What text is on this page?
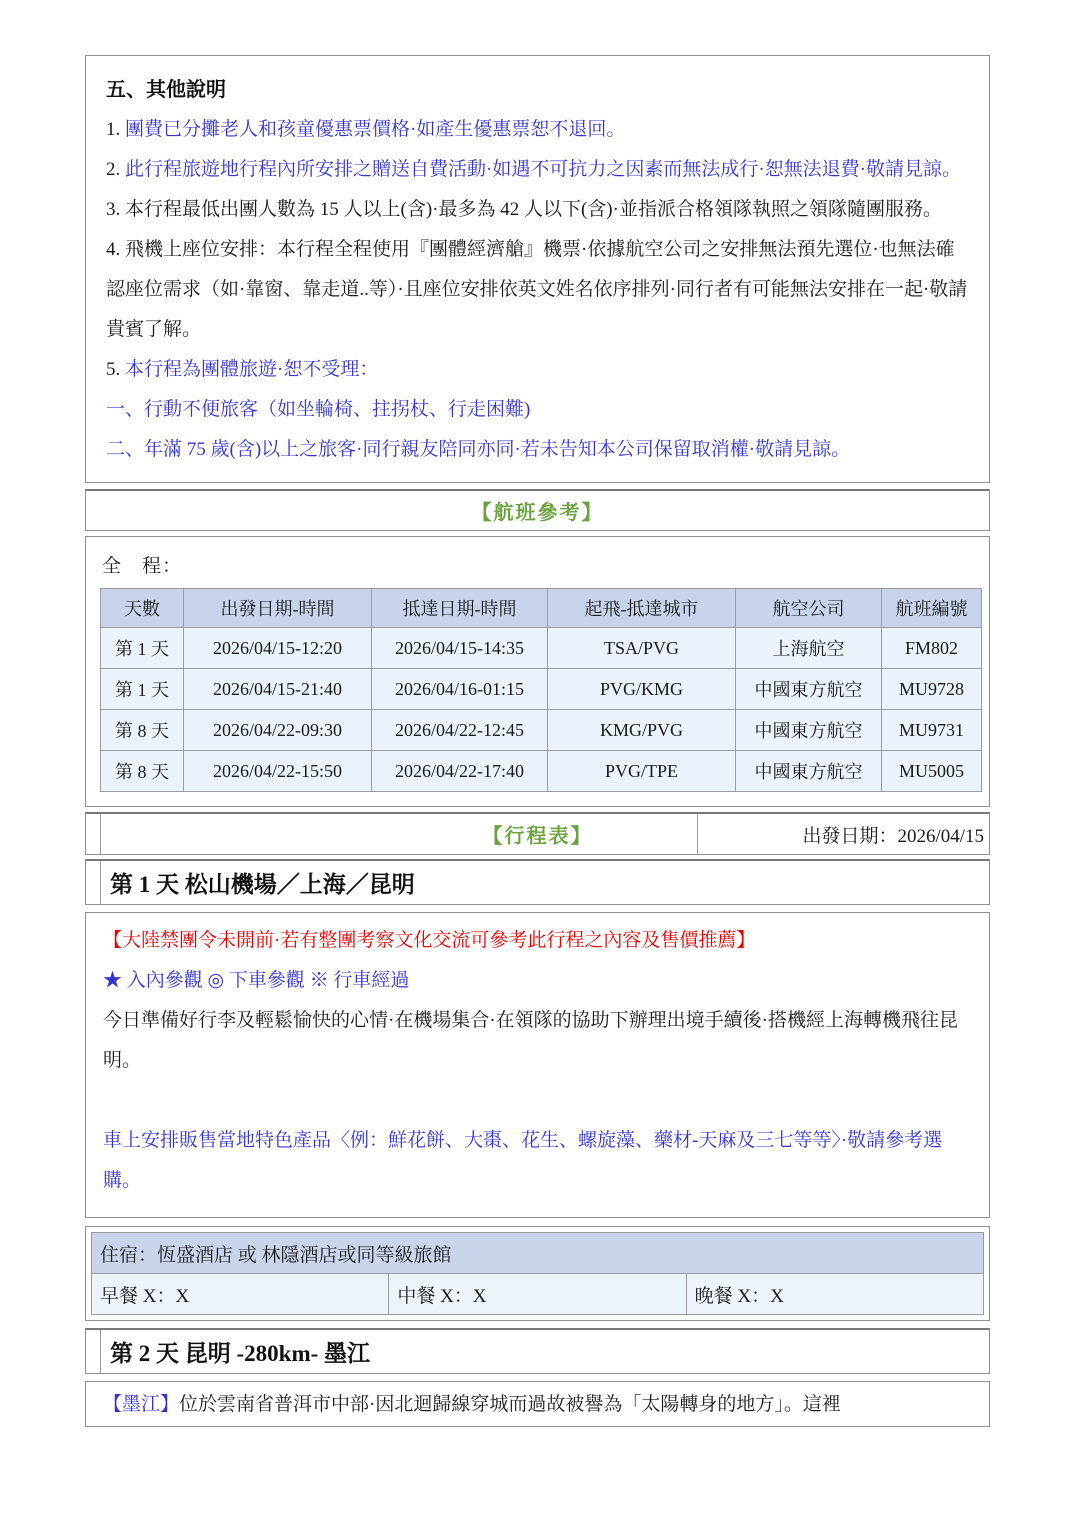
五、其他說明

1. 團費已分攤老人和孩童優惠票價格·如產生優惠票恕不退回。

2. 此行程旅遊地行程內所安排之贈送自費活動·如遇不可抗力之因素而無法成行·恕無法退費·敬請見諒。

3. 本行程最低出團人數為 15 人以上(含)·最多為 42 人以下(含)·並指派合格領隊執照之領隊隨團服務。

4. 飛機上座位安排：本行程全程使用『團體經濟艙』機票·依據航空公司之安排無法預先選位·也無法確認座位需求（如·靠窗、靠走道..等）·且座位安排依英文姓名依序排列·同行者有可能無法安排在一起·敬請貴賓了解。

5. 本行程為團體旅遊·恕不受理：

一、行動不便旅客（如坐輪椅、拄拐杖、行走困難)

二、年滿 75 歲(含)以上之旅客·同行親友陪同亦同·若未告知本公司保留取消權·敬請見諒。

【航班參考】
全　程：
天數	出發日期-時間	抵達日期-時間	起飛-抵達城市	航空公司	航班編號
第 1 天	2026/04/15-12:20	2026/04/15-14:35	TSA/PVG	上海航空	FM802
第 1 天	2026/04/15-21:40	2026/04/16-01:15	PVG/KMG	中國東方航空	MU9728
第 8 天	2026/04/22-09:30	2026/04/22-12:45	KMG/PVG	中國東方航空	MU9731
第 8 天	2026/04/22-15:50	2026/04/22-17:40	PVG/TPE	中國東方航空	MU5005
【行程表】	出發日期：2026/04/15
第 1 天 松山機場／上海／昆明

【大陸禁團令未開前·若有整團考察文化交流可參考此行程之內容及售價推薦】

★ 入內參觀 ◎ 下車參觀 ※ 行車經過

今日準備好行李及輕鬆愉快的心情·在機場集合·在領隊的協助下辦理出境手續後·搭機經上海轉機飛往昆明。

車上安排販售當地特色產品〈例：鮮花餅、大棗、花生、螺旋藻、藥材-天麻及三七等等〉·敬請參考選購。

住宿：恆盛酒店 或 林隱酒店或同等級旅館
早餐 X：X	中餐 X：X	晚餐 X：X
第 2 天 昆明 -280km- 墨江
【墨江】位於雲南省普洱市中部·因北迴歸線穿城而過故被譽為「太陽轉身的地方」。這裡
